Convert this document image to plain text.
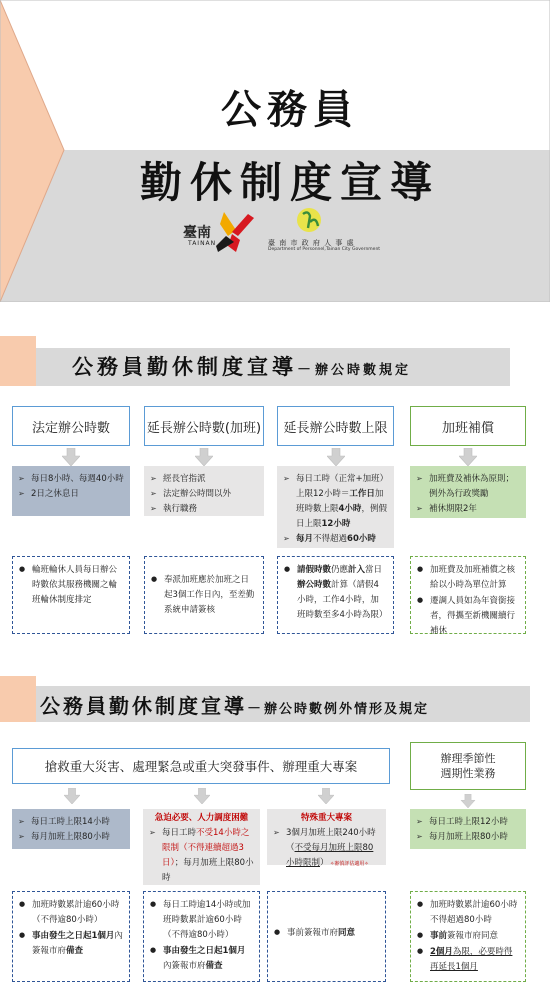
公務員
勤休制度宣導
臺南
TAINAN	臺 南 市 政 府 人 事 處
Department of Personnel,Tainan City Government
公務員勤休制度宣導－辦公時數規定
法定辦公時數	延長辦公時數(加班)	延長辦公時數上限	加班補償
➢ 每日8小時、每週40小時
➢ 2日之休息日
➢ 經長官指派
➢ 法定辦公時間以外
➢ 執行職務
➢ 每日工時（正常+加班）上限12小時＝工作日加班時數上限4小時，例假日上限12小時
➢ 每月不得超過60小時
➢ 加班費及補休為原則；例外為行政獎勵
➢ 補休期限2年
● 輪班輪休人員每日辦公時數依其服務機關之輪班輪休制度排定
● 奉派加班應於加班之日起3個工作日內，至差勤系統申請簽核
● 請假時數仍應計入當日辦公時數計算（請假4小時，工作4小時，加班時數至多4小時為限）
● 加班費及加班補償之核給以小時為單位計算
● 遷調人員如為年資銜接者，得攜至新機關續行補休
公務員勤休制度宣導－辦公時數例外情形及規定
搶救重大災害、處理緊急或重大突發事件、辦理重大專案
辦理季節性
週期性業務
➢ 每日工時上限14小時
➢ 每月加班上限80小時
急迫必要、人力調度困難
➢ 每日工時不受14小時之限制（不得連續超過3日）；每月加班上限80小時
特殊重大專案
➢ 3個月加班上限240小時（不受每月加班上限80小時限制） ✧審慎評估適用✧
➢ 每日工時上限12小時
➢ 每月加班上限80小時
● 加班時數累計逾60小時（不得逾80小時）
● 事由發生之日起1個月內簽報市府備查
● 每日工時逾14小時或加班時數累計逾60小時（不得逾80小時）
● 事由發生之日起1個月內簽報市府備查
● 事前簽報市府同意
● 加班時數累計逾60小時不得超過80小時
● 事前簽報市府同意
● 2個月為限，必要時得再延長1個月
